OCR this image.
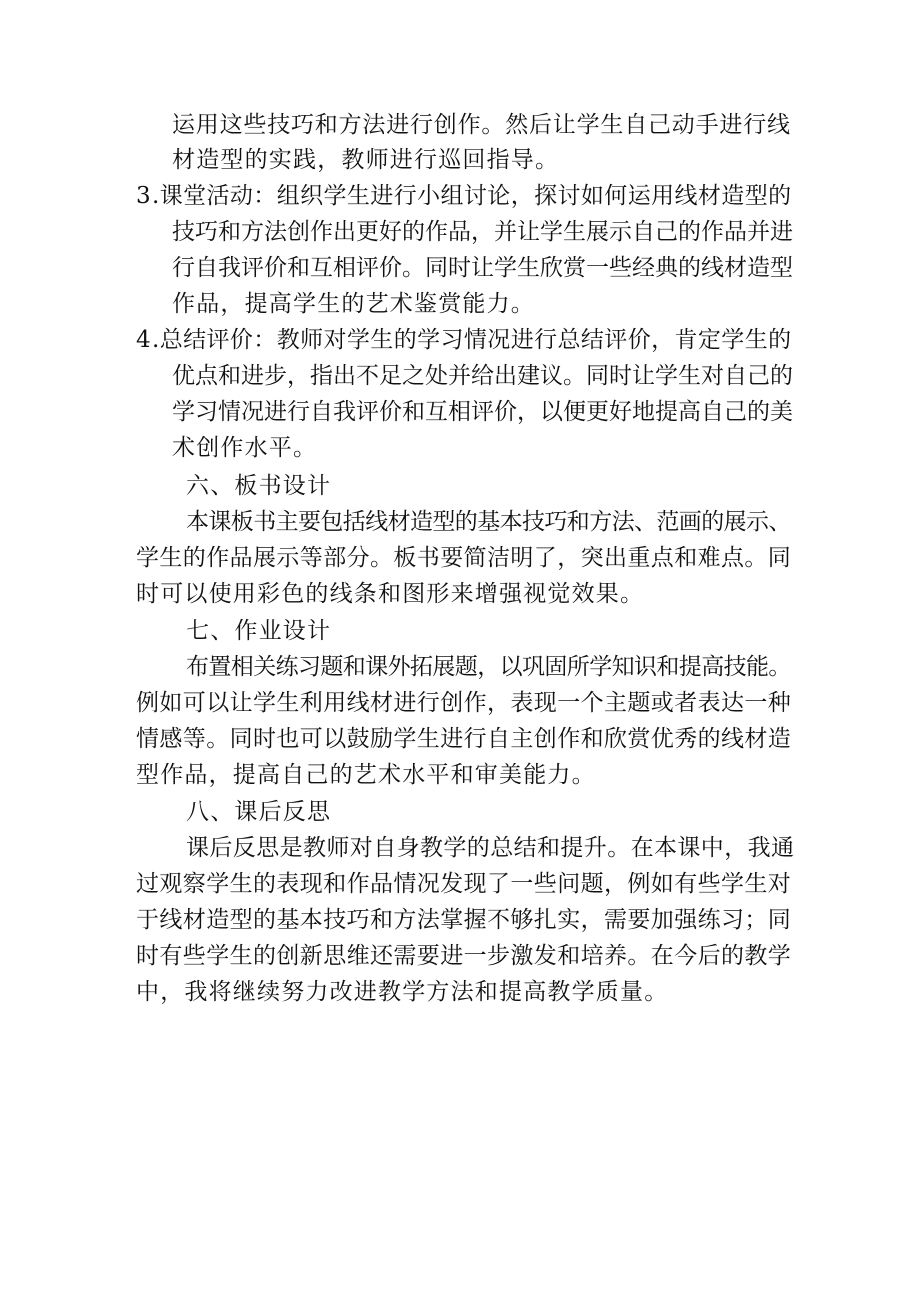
运用这些技巧和方法进行创作。然后让学生自己动手进行线
材造型的实践，教师进行巡回指导。
3 .课堂活动：组织学生进行小组讨论，探讨如何运用线材造型的
技巧和方法创作出更好的作品，并让学生展示自己的作品并进
行自我评价和互相评价。同时让学生欣赏一些经典的线材造型
作品，提高学生的艺术鉴赏能力。
4 .总结评价：教师对学生的学习情况进行总结评价，肯定学生的
优点和进步，指出不足之处并给出建议。同时让学生对自己的
学习情况进行自我评价和互相评价，以便更好地提高自己的美
术创作水平。
六、板书设计
本课板书主要包括线材造型的基本技巧和方法、范画的展示、
学生的作品展示等部分。板书要简洁明了，突出重点和难点。同
时可以使用彩色的线条和图形来增强视觉效果。
七、作业设计
布置相关练习题和课外拓展题，以巩固所学知识和提高技能。
例如可以让学生利用线材进行创作，表现一个主题或者表达一种
情感等。同时也可以鼓励学生进行自主创作和欣赏优秀的线材造
型作品，提高自己的艺术水平和审美能力。
八、课后反思
课后反思是教师对自身教学的总结和提升。在本课中，我通
过观察学生的表现和作品情况发现了一些问题，例如有些学生对
于线材造型的基本技巧和方法掌握不够扎实，需要加强练习；同
时有些学生的创新思维还需要进一步激发和培养。在今后的教学
中，我将继续努力改进教学方法和提高教学质量。
